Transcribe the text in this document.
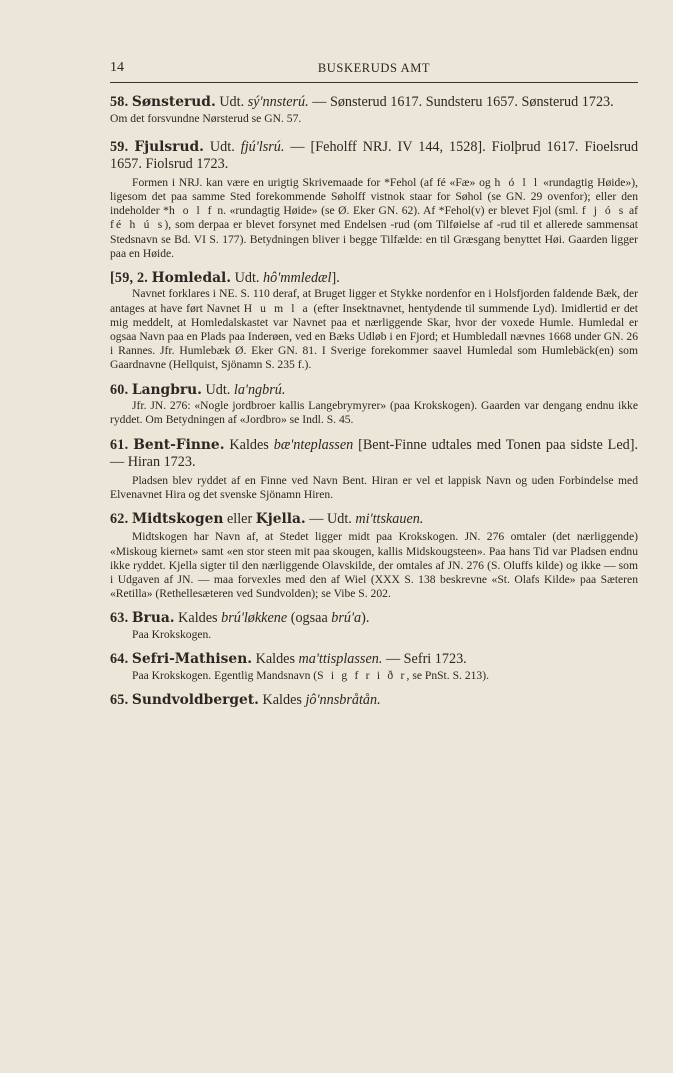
14	BUSKERUDS AMT

58. Sønsterud. Udt. sý'nnsterú. — Sønsterud 1617. Sundsteru 1657. Sønsterud 1723.

Om det forsvundne Nørsterud se GN. 57.

59. Fjulsrud. Udt. fjú'lsrú. — [Feholff NRJ. IV 144, 1528]. Fiolþrud 1617. Fioelsrud 1657. Fiolsrud 1723.

Formen i NRJ. kan være en urigtig Skrivemaade for *Fehol (af fé «Fæ» og h ó l l «rundagtig Høide»), ligesom det paa samme Sted forekommende Søholff vistnok staar for Søhol (se GN. 29 ovenfor); eller den indeholder *h o l f n. «rundagtig Høide» (se Ø. Eker GN. 62). Af *Fehol(v) er blevet Fjol (sml. f j ó s af fé h ú s), som derpaa er blevet forsynet med Endelsen -rud (om Tilføielse af -rud til et allerede sammensat Stedsnavn se Bd. VI S. 177). Betydningen bliver i begge Tilfælde: en til Græsgang benyttet Høi. Gaarden ligger paa en Høide.

[59, 2. Homledal. Udt. hô'mmledæl].

Navnet forklares i NE. S. 110 deraf, at Bruget ligger et Stykke nordenfor en i Holsfjorden faldende Bæk, der antages at have ført Navnet H u m l a (efter Insektnavnet, hentydende til summende Lyd). Imidlertid er det mig meddelt, at Homledalskastet var Navnet paa et nærliggende Skar, hvor der voxede Humle. Humledal er ogsaa Navn paa en Plads paa Inderøen, ved en Bæks Udløb i en Fjord; et Humbledall nævnes 1668 under GN. 26 i Rannes. Jfr. Humlebæk Ø. Eker GN. 81. I Sverige forekommer saavel Humledal som Humlebäck(en) som Gaardnavne (Hellquist, Sjönamn S. 235 f.).

60. Langbru. Udt. la'ngbrú.

Jfr. JN. 276: «Nogle jordbroer kallis Langebrymyrer» (paa Krokskogen). Gaarden var dengang endnu ikke ryddet. Om Betydningen af «Jordbro» se Indl. S. 45.

61. Bent-Finne. Kaldes bæ'nteplassen [Bent-Finne udtales med Tonen paa sidste Led]. — Hiran 1723.

Pladsen blev ryddet af en Finne ved Navn Bent. Hiran er vel et lappisk Navn og uden Forbindelse med Elvenavnet Hira og det svenske Sjönamn Hiren.

62. Midtskogen eller Kjella. — Udt. mi'ttskauen.

Midtskogen har Navn af, at Stedet ligger midt paa Krokskogen. JN. 276 omtaler (det nærliggende) «Miskoug kiernet» samt «en stor steen mit paa skougen, kallis Midskougsteen». Paa hans Tid var Pladsen endnu ikke ryddet. Kjella sigter til den nærliggende Olavskilde, der omtales af JN. 276 (S. Oluffs kilde) og ikke — som i Udgaven af JN. — maa forvexles med den af Wiel (XXX S. 138 beskrevne «St. Olafs Kilde» paa Sæteren «Retilla» (Rethellesæteren ved Sundvolden); se Vibe S. 202.

63. Brua. Kaldes brú'løkkene (ogsaa brú'a).

Paa Krokskogen.

64. Sefri-Mathisen. Kaldes ma'ttisplassen. — Sefri 1723.

Paa Krokskogen. Egentlig Mandsnavn (S i g f r i ð r, se PnSt. S. 213).

65. Sundvoldberget. Kaldes jô'nnsbråtån.
